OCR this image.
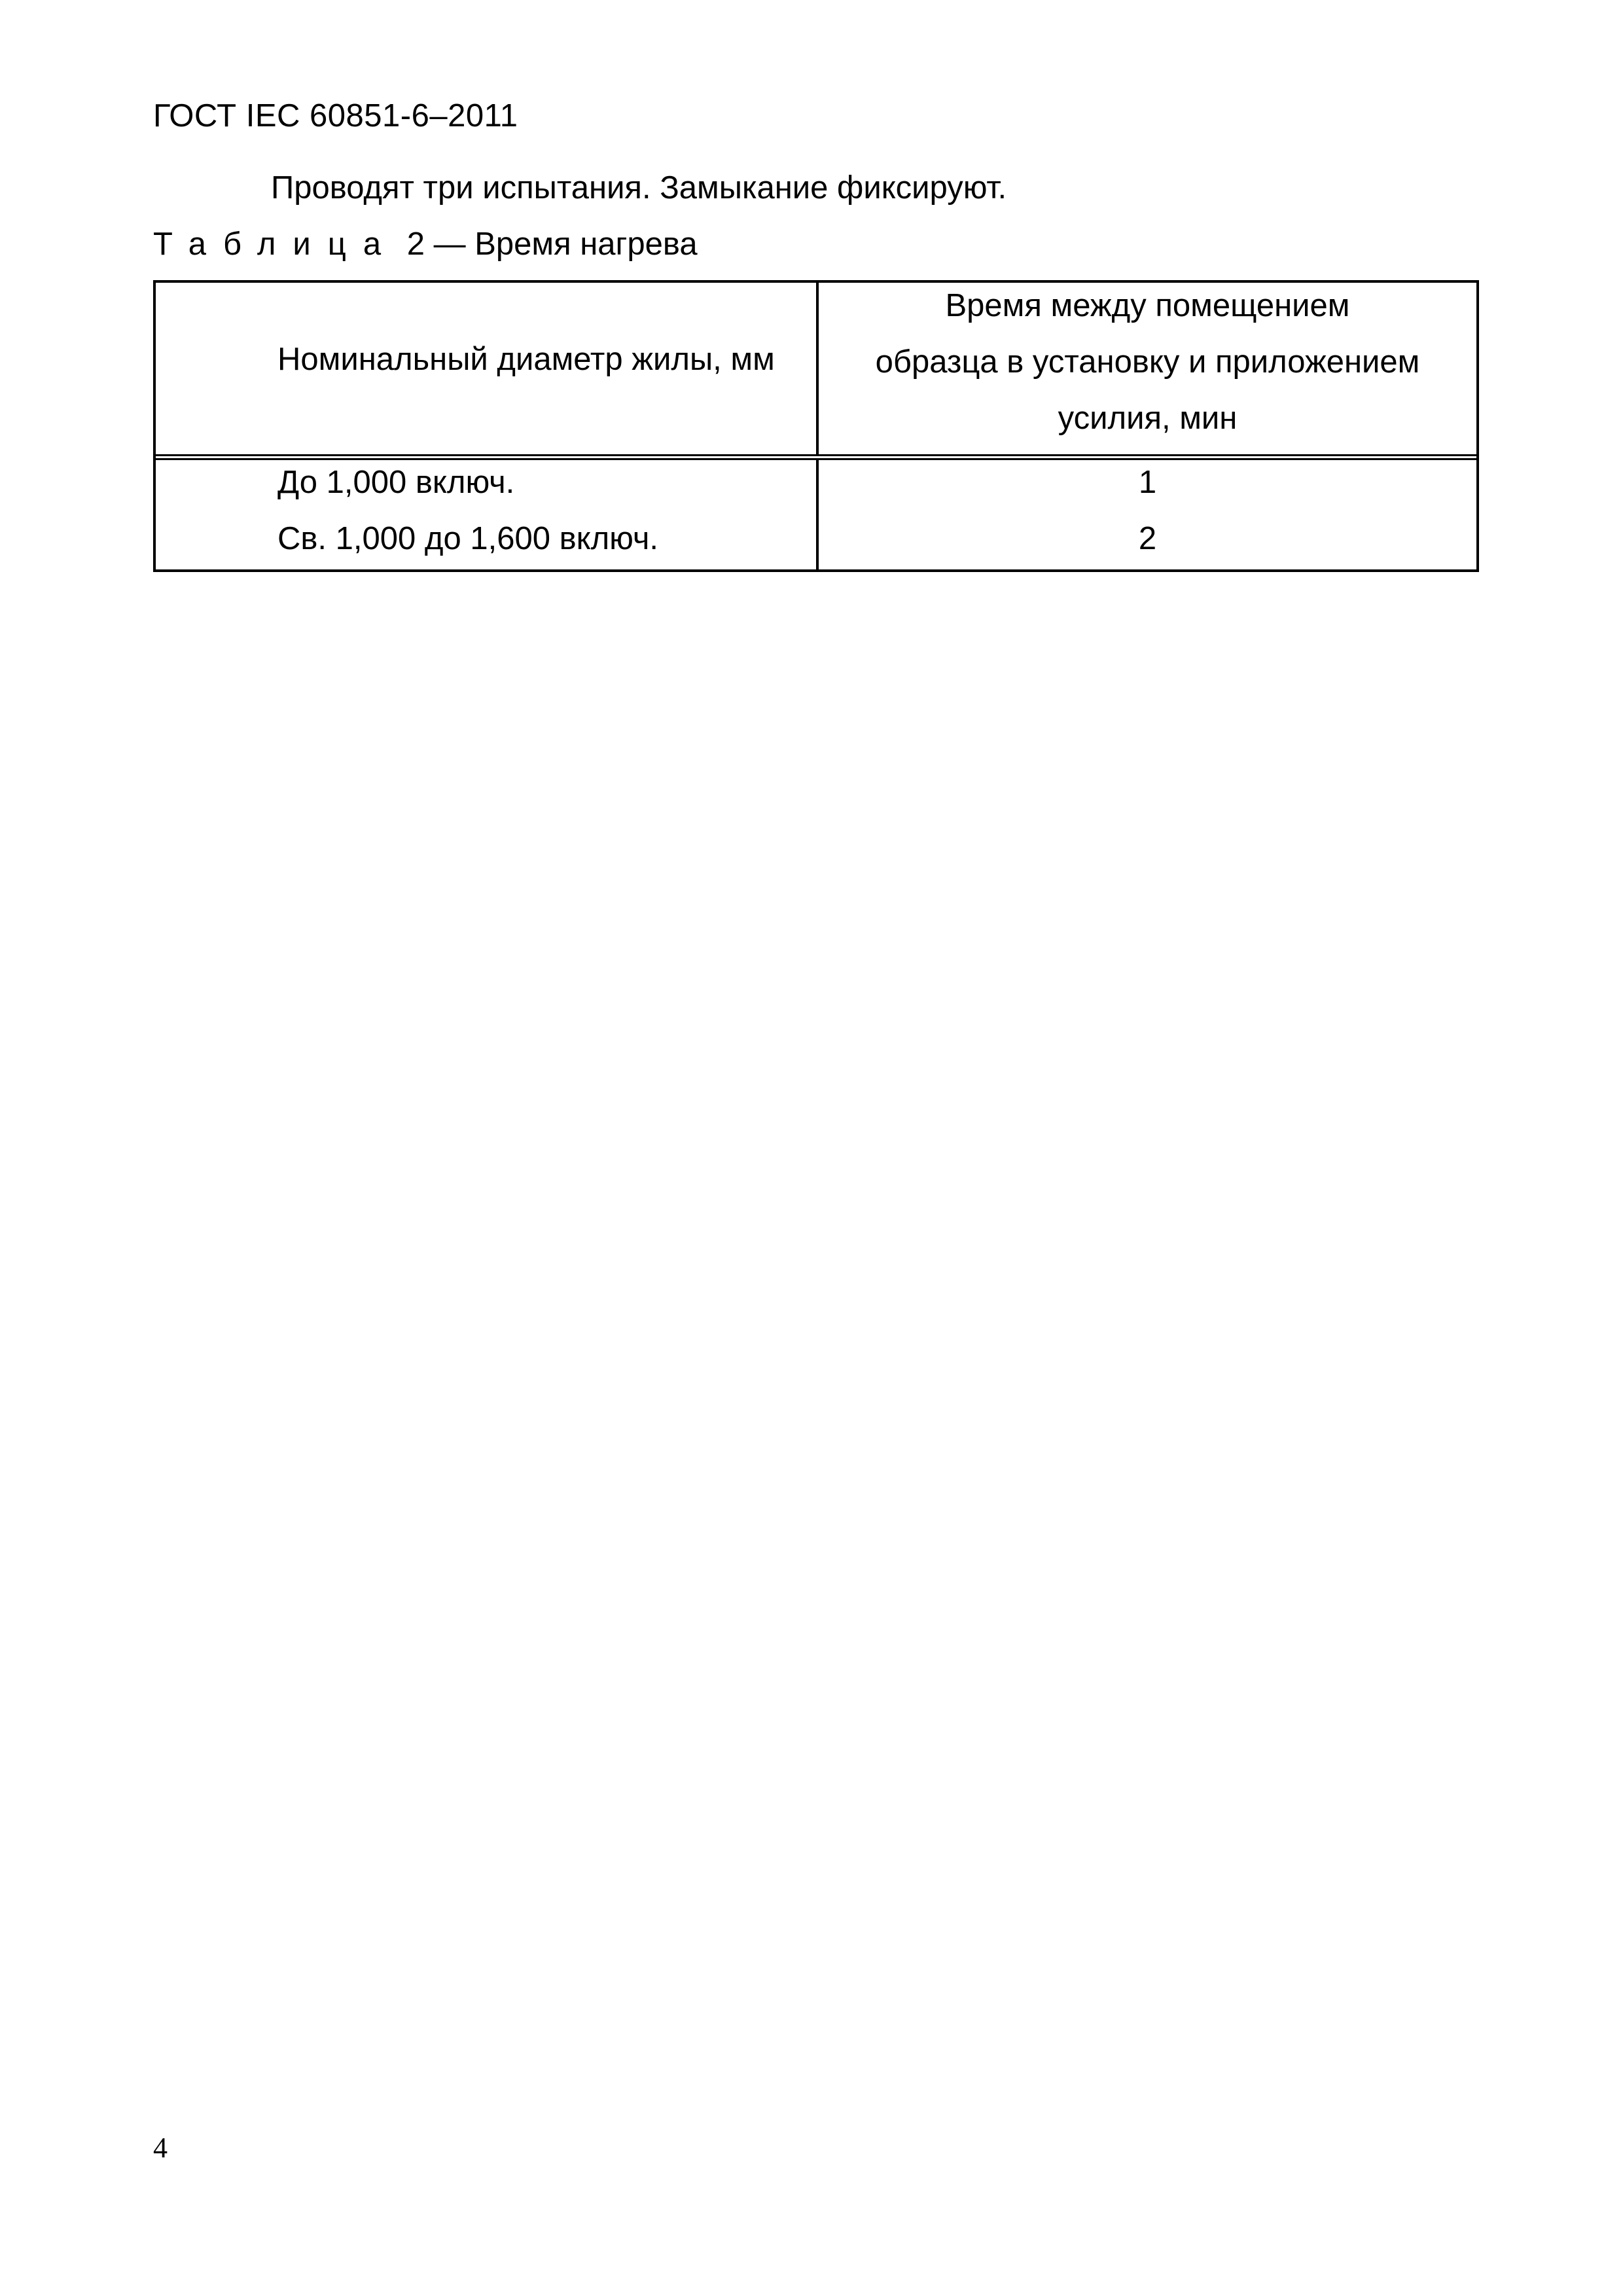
ГОСТ IEC 60851-6–2011
Проводят три испытания. Замыкание фиксируют.
Таблица 2 — Время нагрева
Номинальный диаметр жилы, мм
Время между помещением
образца в установку и приложением
усилия, мин
До 1,000 включ.	1
Св. 1,000 до 1,600 включ.	2
4
